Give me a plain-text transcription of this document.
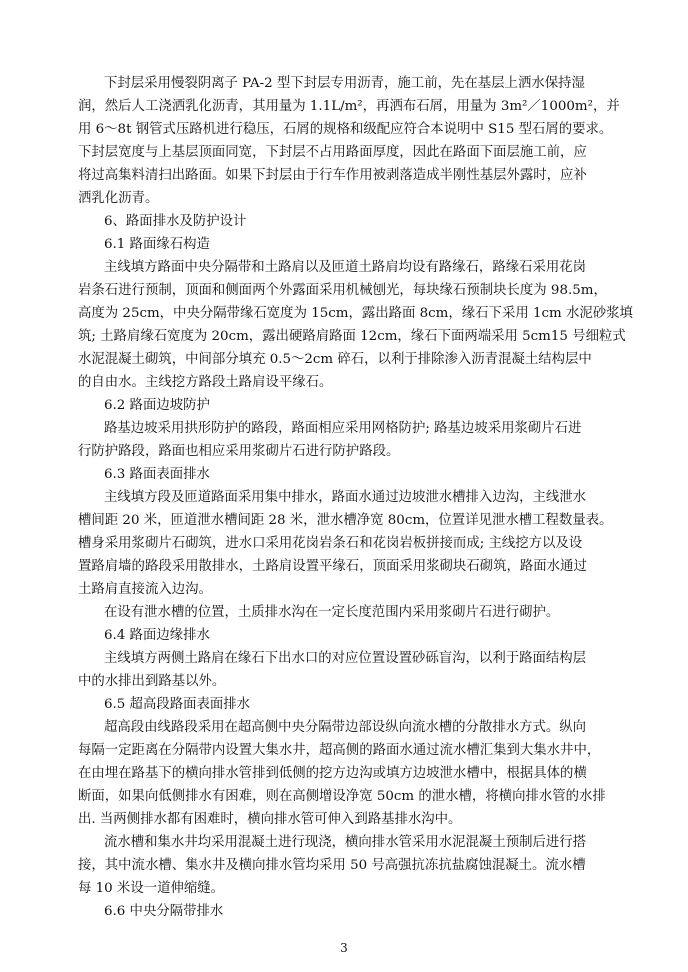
下封层采用慢裂阴离子 PA-2 型下封层专用沥青，施工前，先在基层上洒水保持湿
润，然后人工浇洒乳化沥青，其用量为 1.1L/m²，再洒布石屑，用量为 3m²／1000m²，并
用 6～8t 钢管式压路机进行稳压，石屑的规格和级配应符合本说明中 S15 型石屑的要求。
下封层宽度与上基层顶面同宽，下封层不占用路面厚度，因此在路面下面层施工前，应
将过高集料清扫出路面。如果下封层由于行车作用被剥落造成半刚性基层外露时，应补
洒乳化沥青。
6、路面排水及防护设计
6.1 路面缘石构造
主线填方路面中央分隔带和土路肩以及匝道土路肩均设有路缘石，路缘石采用花岗
岩条石进行预制，顶面和侧面两个外露面采用机械刨光，每块缘石预制块长度为 98.5m，
高度为 25cm，中央分隔带缘石宽度为 15cm，露出路面 8cm，缘石下采用 1cm 水泥砂浆填
筑; 土路肩缘石宽度为 20cm，露出硬路肩路面 12cm，缘石下面两端采用 5cm15 号细粒式
水泥混凝土砌筑，中间部分填充 0.5～2cm 碎石，以利于排除渗入沥青混凝土结构层中
的自由水。主线挖方路段土路肩设平缘石。
6.2 路面边坡防护
路基边坡采用拱形防护的路段，路面相应采用网格防护; 路基边坡采用浆砌片石进
行防护路段，路面也相应采用浆砌片石进行防护路段。
6.3 路面表面排水
主线填方段及匝道路面采用集中排水，路面水通过边坡泄水槽排入边沟，主线泄水
槽间距 20 米，匝道泄水槽间距 28 米，泄水槽净宽 80cm，位置详见泄水槽工程数量表。
槽身采用浆砌片石砌筑，进水口采用花岗岩条石和花岗岩板拼接而成; 主线挖方以及设
置路肩墙的路段采用散排水，土路肩设置平缘石，顶面采用浆砌块石砌筑，路面水通过
土路肩直接流入边沟。
在设有泄水槽的位置，土质排水沟在一定长度范围内采用浆砌片石进行砌护。
6.4 路面边缘排水
主线填方两侧土路肩在缘石下出水口的对应位置设置砂砾盲沟，以利于路面结构层
中的水排出到路基以外。
6.5 超高段路面表面排水
超高段由线路段采用在超高侧中央分隔带边部设纵向流水槽的分散排水方式。纵向
每隔一定距离在分隔带内设置大集水井，超高侧的路面水通过流水槽汇集到大集水井中，
在由埋在路基下的横向排水管排到低侧的挖方边沟或填方边坡泄水槽中，根据具体的横
断面，如果向低侧排水有困难，则在高侧增设净宽 50cm 的泄水槽，将横向排水管的水排
出. 当两侧排水都有困难时，横向排水管可伸入到路基排水沟中。
流水槽和集水井均采用混凝土进行现浇，横向排水管采用水泥混凝土预制后进行搭
接，其中流水槽、集水井及横向排水管均采用 50 号高强抗冻抗盐腐蚀混凝土。流水槽
每 10 米设一道伸缩缝。
6.6 中央分隔带排水
3
